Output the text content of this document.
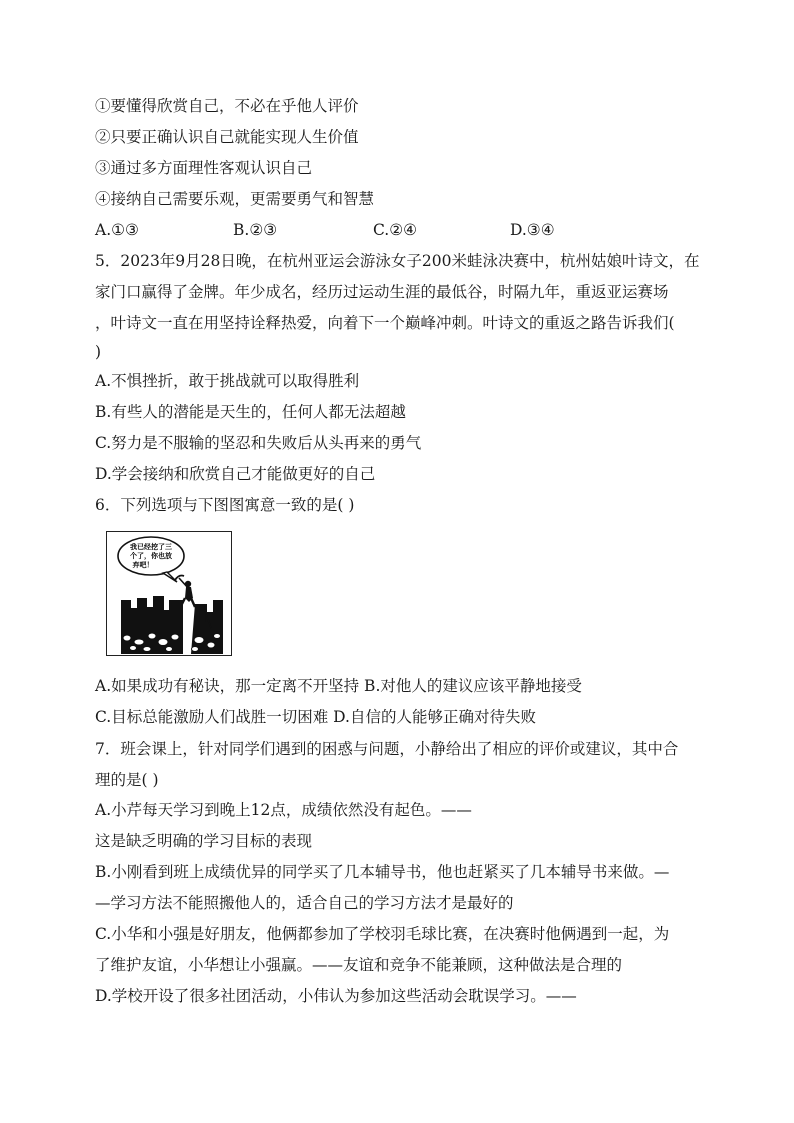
①要懂得欣赏自己，不必在乎他人评价
②只要正确认识自己就能实现人生价值
③通过多方面理性客观认识自己
④接纳自己需要乐观，更需要勇气和智慧
A.①③	B.②③	C.②④	D.③④
5．2023年9月28日晚，在杭州亚运会游泳女子200米蛙泳决赛中，杭州姑娘叶诗文，在
家门口赢得了金牌。年少成名，经历过运动生涯的最低谷，时隔九年，重返亚运赛场
，叶诗文一直在用坚持诠释热爱，向着下一个巅峰冲刺。叶诗文的重返之路告诉我们(
)
A.不惧挫折，敢于挑战就可以取得胜利
B.有些人的潜能是天生的，任何人都无法超越
C.努力是不服输的坚忍和失败后从头再来的勇气
D.学会接纳和欣赏自己才能做更好的自己
6．下列选项与下图图寓意一致的是( )
我已经挖了三
个了，你也放
弃吧！
A.如果成功有秘诀，那一定离不开坚持 B.对他人的建议应该平静地接受
C.目标总能激励人们战胜一切困难 D.自信的人能够正确对待失败
7．班会课上，针对同学们遇到的困惑与问题，小静给出了相应的评价或建议，其中合
理的是( )
A.小芹每天学习到晚上12点，成绩依然没有起色。——
这是缺乏明确的学习目标的表现
B.小刚看到班上成绩优异的同学买了几本辅导书，他也赶紧买了几本辅导书来做。—
—学习方法不能照搬他人的，适合自己的学习方法才是最好的
C.小华和小强是好朋友，他俩都参加了学校羽毛球比赛，在决赛时他俩遇到一起，为
了维护友谊，小华想让小强赢。——友谊和竞争不能兼顾，这种做法是合理的
D.学校开设了很多社团活动，小伟认为参加这些活动会耽误学习。——
